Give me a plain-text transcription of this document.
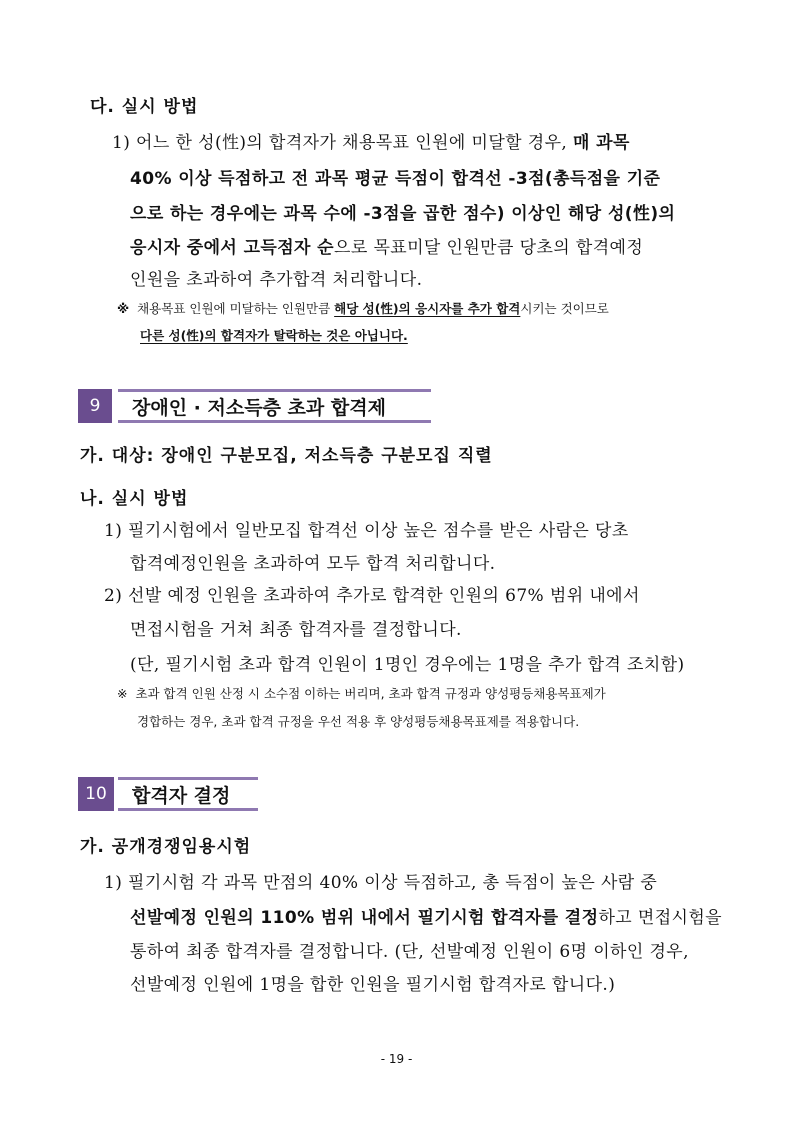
다. 실시 방법
1) 어느 한 성(性)의 합격자가 채용목표 인원에 미달할 경우, 매 과목
40% 이상 득점하고 전 과목 평균 득점이 합격선 -3점(총득점을 기준
으로 하는 경우에는 과목 수에 -3점을 곱한 점수) 이상인 해당 성(性)의
응시자 중에서 고득점자 순으로 목표미달 인원만큼 당초의 합격예정
인원을 초과하여 추가합격 처리합니다.
※ 채용목표 인원에 미달하는 인원만큼 해당 성(性)의 응시자를 추가 합격시키는 것이므로
다른 성(性)의 합격자가 탈락하는 것은 아닙니다.
9	장애인 · 저소득층 초과 합격제
가. 대상: 장애인 구분모집, 저소득층 구분모집 직렬
나. 실시 방법
1) 필기시험에서 일반모집 합격선 이상 높은 점수를 받은 사람은 당초
합격예정인원을 초과하여 모두 합격 처리합니다.
2) 선발 예정 인원을 초과하여 추가로 합격한 인원의 67% 범위 내에서
면접시험을 거쳐 최종 합격자를 결정합니다.
(단, 필기시험 초과 합격 인원이 1명인 경우에는 1명을 추가 합격 조치함)
※ 초과 합격 인원 산정 시 소수점 이하는 버리며, 초과 합격 규정과 양성평등채용목표제가
경합하는 경우, 초과 합격 규정을 우선 적용 후 양성평등채용목표제를 적용합니다.
10	합격자 결정
가. 공개경쟁임용시험
1) 필기시험 각 과목 만점의 40% 이상 득점하고, 총 득점이 높은 사람 중
선발예정 인원의 110% 범위 내에서 필기시험 합격자를 결정하고 면접시험을
통하여 최종 합격자를 결정합니다. (단, 선발예정 인원이 6명 이하인 경우,
선발예정 인원에 1명을 합한 인원을 필기시험 합격자로 합니다.)
- 19 -
